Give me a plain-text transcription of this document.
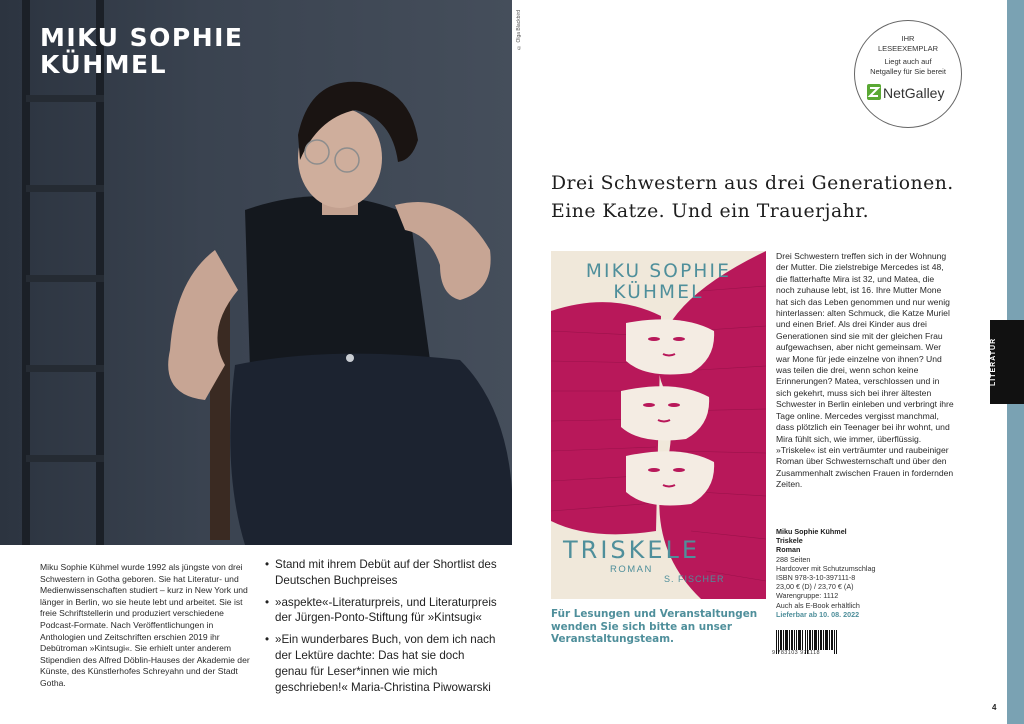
MIKU SOPHIE
KÜHMEL
© Olga Blackbird

Miku Sophie Kühmel wurde 1992 als jüngste von drei Schwestern in Gotha geboren. Sie hat Literatur- und Medienwissenschaften studiert – kurz in New York und länger in Berlin, wo sie heute lebt und arbeitet. Sie ist freie Schriftstellerin und produziert verschiedene Podcast-Formate. Nach Veröffentlichungen in Anthologien und Zeitschriften erschien 2019 ihr Debütroman »Kintsugi«. Sie erhielt unter anderem Stipendien des Alfred Döblin-Hauses der Akademie der Künste, des Künstlerhofes Schreyahn und der Stadt Gotha.

• Stand mit ihrem Debüt auf der Shortlist des Deutschen Buchpreises
• »aspekte«-Literaturpreis, und Literaturpreis der Jürgen-Ponto-Stiftung für »Kintsugi«
• »Ein wunderbares Buch, von dem ich nach der Lektüre dachte: Das hat sie doch genau für Leser*innen wie mich geschrieben!« Maria-Christina Piwowarski
IHR
LESEEXEMPLAR
Liegt auch auf
Netgalley für Sie bereit
NetGalley
Drei Schwestern aus drei Generationen.
Eine Katze. Und ein Trauerjahr.
MIKU SOPHIE
KÜHMEL
TRISKELE
ROMAN
S. FISCHER

Drei Schwestern treffen sich in der Wohnung der Mutter. Die zielstrebige Mercedes ist 48, die flatterhafte Mira ist 32, und Matea, die noch zuhause lebt, ist 16. Ihre Mutter Mone hat sich das Leben genommen und nur wenig hinterlassen: alten Schmuck, die Katze Muriel und einen Brief. Als drei Kinder aus drei Generationen sind sie mit der gleichen Frau aufgewachsen, aber nicht gemeinsam. Wer war Mone für jede einzelne von ihnen? Und was teilen die drei, wenn schon keine Erinnerungen? Matea, verschlossen und in sich gekehrt, muss sich bei ihrer ältesten Schwester in Berlin einleben und verbringt ihre Tage online. Mercedes vergisst manchmal, dass plötzlich ein Teenager bei ihr wohnt, und Mira fühlt sich, wie immer, überflüssig. »Triskele« ist ein verträumter und raubeiniger Roman über Schwesternschaft und über den Zusammenhalt zwischen Frauen in fordernden Zeiten.

Miku Sophie Kühmel
Triskele
Roman
288 Seiten
Hardcover mit Schutzumschlag
ISBN 978-3-10-397111-8
23,00 € (D) / 23,70 € (A)
Warengruppe: 1112
Auch als E-Book erhältlich
Lieferbar ab 10. 08. 2022

Für Lesungen und Veranstaltungen wenden Sie sich bitte an unser Veranstaltungsteam.

9 783103 971118
LITERATUR
4
